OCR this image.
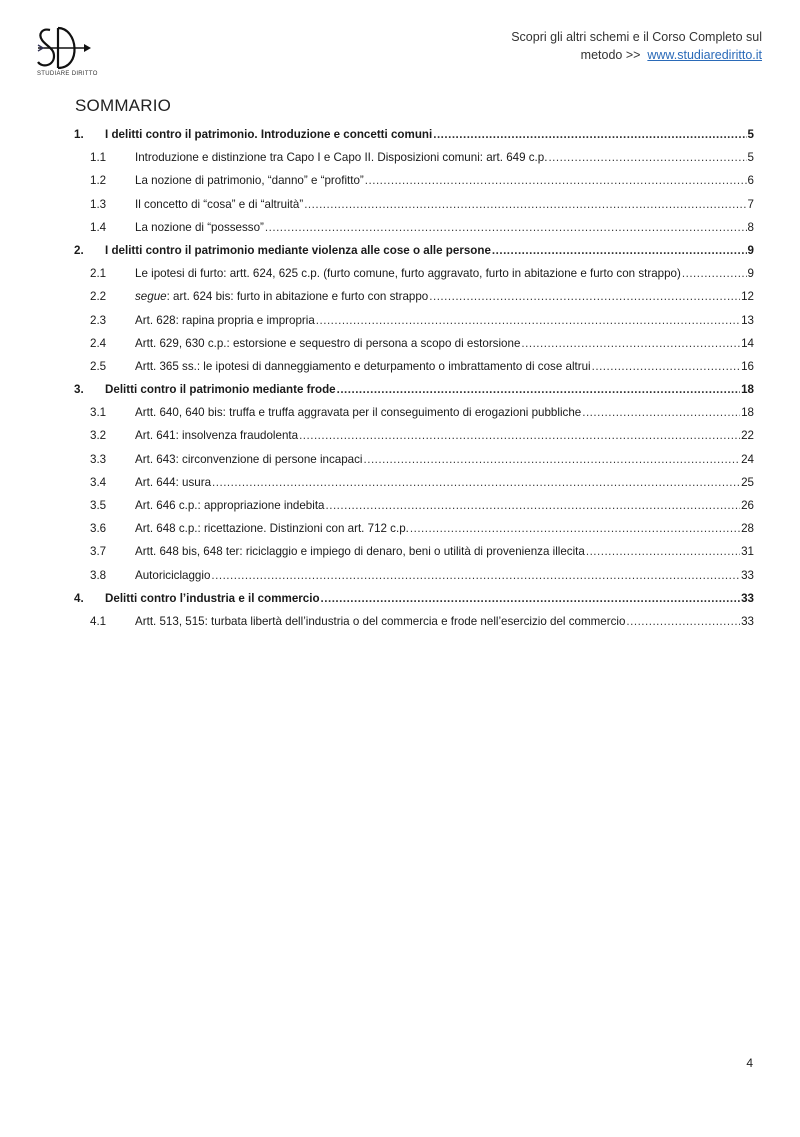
STUDIARE DIRITTO
Scopri gli altri schemi e il Corso Completo sul
metodo >> www.studiarediritto.it
SOMMARIO
1.	I delitti contro il patrimonio. Introduzione e concetti comuni .....	5
1.1	Introduzione e distinzione tra Capo I e Capo II. Disposizioni comuni: art. 649 c.p. .....	5
1.2	La nozione di patrimonio, “danno” e “profitto” .....	6
1.3	Il concetto di “cosa” e di “altruità” .....	7
1.4	La nozione di “possesso” .....	8
2.	I delitti contro il patrimonio mediante violenza alle cose o alle persone .....	9
2.1	Le ipotesi di furto: artt. 624, 625 c.p. (furto comune, furto aggravato, furto in abitazione e furto con strappo) .....	9
2.2	segue: art. 624 bis: furto in abitazione e furto con strappo .....	12
2.3	Art. 628: rapina propria e impropria .....	13
2.4	Artt. 629, 630 c.p.: estorsione e sequestro di persona a scopo di estorsione .....	14
2.5	Artt. 365 ss.: le ipotesi di danneggiamento e deturpamento o imbrattamento di cose altrui .....	16
3.	Delitti contro il patrimonio mediante frode .....	18
3.1	Artt. 640, 640 bis: truffa e truffa aggravata per il conseguimento di erogazioni pubbliche .....	18
3.2	Art. 641: insolvenza fraudolenta .....	22
3.3	Art. 643: circonvenzione di persone incapaci .....	24
3.4	Art. 644: usura .....	25
3.5	Art. 646 c.p.: appropriazione indebita .....	26
3.6	Art. 648 c.p.: ricettazione. Distinzioni con art. 712 c.p. .....	28
3.7	Artt. 648 bis, 648 ter: riciclaggio e impiego di denaro, beni o utilità di provenienza illecita .....	31
3.8	Autoriciclaggio .....	33
4.	Delitti contro l’industria e il commercio .....	33
4.1	Artt. 513, 515: turbata libertà dell’industria o del commercia e frode nell’esercizio del commercio .....	33
4
